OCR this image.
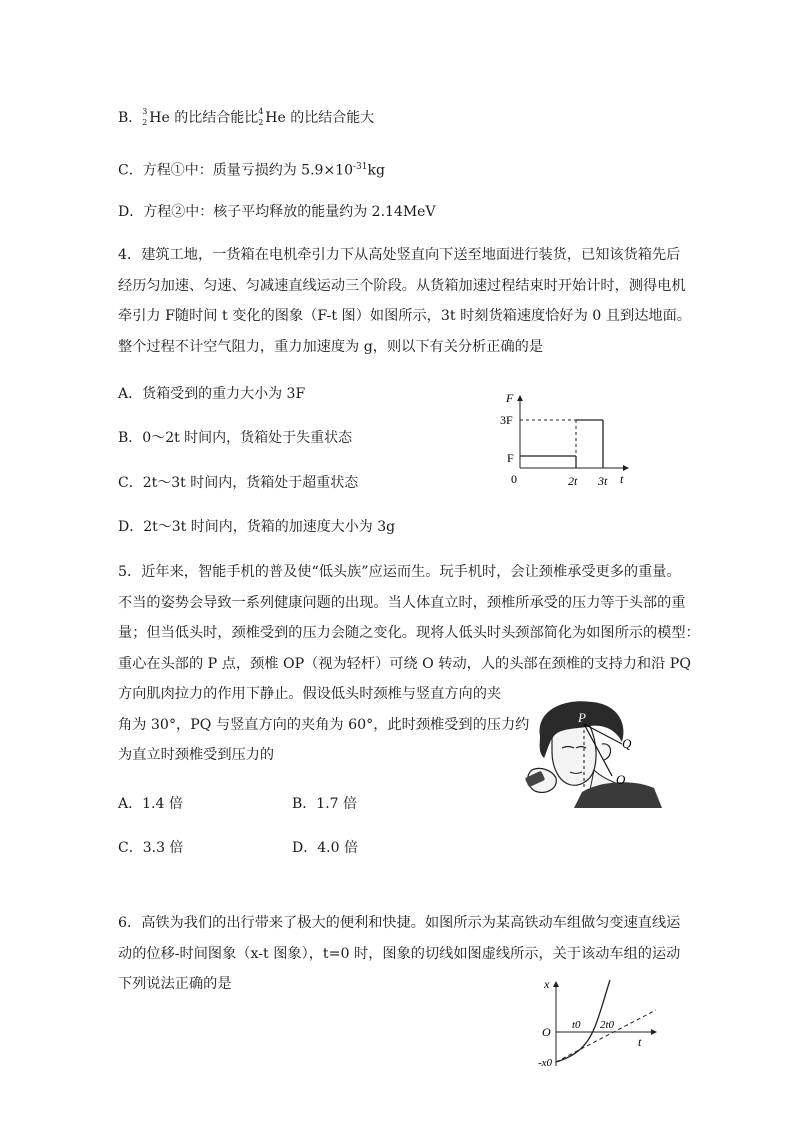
B． 3
2 He 的比结合能比 4
2 He 的比结合能大
C．方程①中：质量亏损约为 $5.9\times 10^{-31}kg$
D．方程②中：核子平均释放的能量约为 2.14MeV
4．建筑工地，一货箱在电机牵引力下从高处竖直向下送至地面进行装货，已知该货箱先后
经历匀加速、匀速、匀减速直线运动三个阶段。从货箱加速过程结束时开始计时，测得电机
牵引力 F随时间 t 变化的图象（F-t 图）如图所示，3t 时刻货箱速度恰好为 0 且到达地面。
整个过程不计空气阻力，重力加速度为 g，则以下有关分析正确的是
A．货箱受到的重力大小为 3F
B．0～2t 时间内，货箱处于失重状态
C．2t～3t 时间内，货箱处于超重状态
D．2t～3t 时间内，货箱的加速度大小为 3g
F
t
0
3F
F
2t 3t
5．近年来，智能手机的普及使“低头族”应运而生。玩手机时，会让颈椎承受更多的重量。
不当的姿势会导致一系列健康问题的出现。当人体直立时，颈椎所承受的压力等于头部的重
量；但当低头时，颈椎受到的压力会随之变化。现将人低头时头颈部简化为如图所示的模型：
重心在头部的 P 点，颈椎 OP（视为轻杆）可绕 O 转动，人的头部在颈椎的支持力和沿 PQ
方向肌肉拉力的作用下静止。假设低头时颈椎与竖直方向的夹
角为 30°，PQ 与竖直方向的夹角为 60°，此时颈椎受到的压力约
为直立时颈椎受到压力的
A．1.4 倍	B．1.7 倍
C．3.3 倍	D．4.0 倍
P
Q
O
6．高铁为我们的出行带来了极大的便利和快捷。如图所示为某高铁动车组做匀变速直线运
动的位移-时间图象（x-t 图象），t=0 时，图象的切线如图虚线所示，关于该动车组的运动
下列说法正确的是	x
t
O t0 2t0
-x0
